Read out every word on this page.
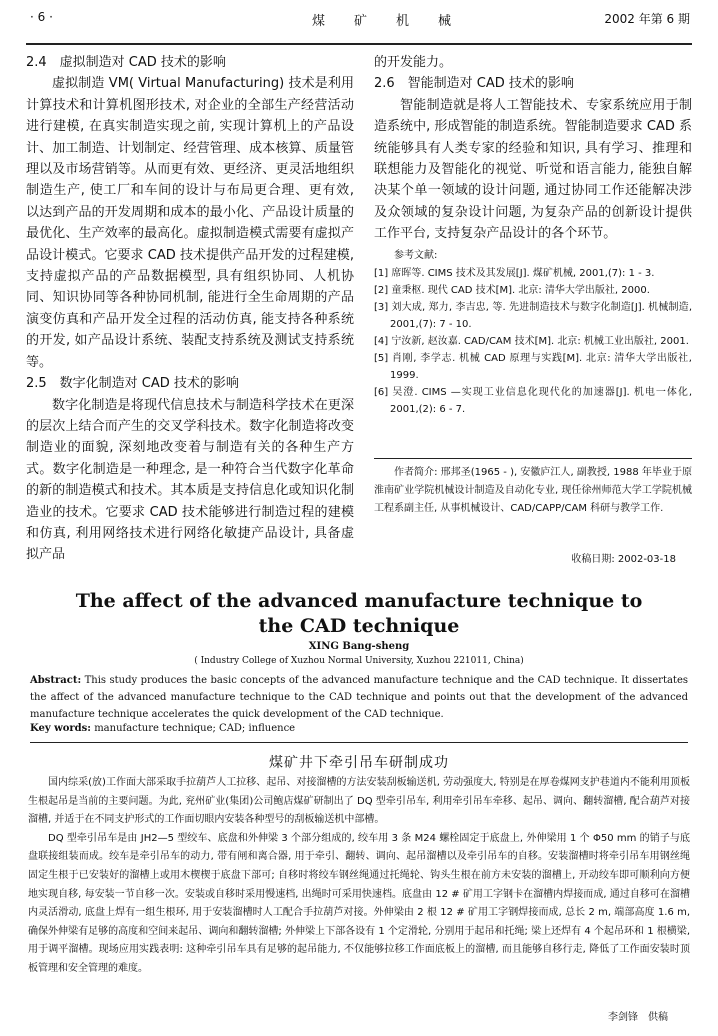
· 6 ·	煤　　矿　　机　　械	2002 年第 6 期
2.4　虚拟制造对 CAD 技术的影响

虚拟制造 VM( Virtual Manufacturing) 技术是利用计算技术和计算机图形技术, 对企业的全部生产经营活动进行建模, 在真实制造实现之前, 实现计算机上的产品设计、加工制造、计划制定、经营管理、成本核算、质量管理以及市场营销等。从而更有效、更经济、更灵活地组织制造生产, 使工厂和车间的设计与布局更合理、更有效, 以达到产品的开发周期和成本的最小化、产品设计质量的最优化、生产效率的最高化。虚拟制造模式需要有虚拟产品设计模式。它要求 CAD 技术提供产品开发的过程建模, 支持虚拟产品的产品数据模型, 具有组织协同、人机协同、知识协同等各种协同机制, 能进行全生命周期的产品演变仿真和产品开发全过程的活动仿真, 能支持各种系统的开发, 如产品设计系统、装配支持系统及测试支持系统等。

2.5　数字化制造对 CAD 技术的影响

数字化制造是将现代信息技术与制造科学技术在更深的层次上结合而产生的交叉学科技术。数字化制造将改变制造业的面貌, 深刻地改变着与制造有关的各种生产方式。数字化制造是一种理念, 是一种符合当代数字化革命的新的制造模式和技术。其本质是支持信息化或知识化制造业的技术。它要求 CAD 技术能够进行制造过程的建模和仿真, 利用网络技术进行网络化敏捷产品设计, 具备虚拟产品

的开发能力。

2.6　智能制造对 CAD 技术的影响

智能制造就是将人工智能技术、专家系统应用于制造系统中, 形成智能的制造系统。智能制造要求 CAD 系统能够具有人类专家的经验和知识, 具有学习、推理和联想能力及智能化的视觉、听觉和语言能力, 能独自解决某个单一领域的设计问题, 通过协同工作还能解决涉及众领域的复杂设计问题, 为复杂产品的创新设计提供工作平台, 支持复杂产品设计的各个环节。

参考文献:

[1] 席晖等. CIMS 技术及其发展[J]. 煤矿机械, 2001,(7): 1 - 3.

[2] 童秉枢. 现代 CAD 技术[M]. 北京: 清华大学出版社, 2000.

[3] 刘大成, 郑力, 李吉忠, 等. 先进制造技术与数字化制造[J]. 机械制造, 2001,(7): 7 - 10.

[4] 宁汝新, 赵汝嘉. CAD/CAM 技术[M]. 北京: 机械工业出版社, 2001.

[5] 肖刚, 李学志. 机械 CAD 原理与实践[M]. 北京: 清华大学出版社, 1999.

[6] 吴澄. CIMS —实现工业信息化现代化的加速器[J]. 机电一体化, 2001,(2): 6 - 7.

作者简介: 邢邦圣(1965 - ), 安徽庐江人, 副教授, 1988 年毕业于原淮南矿业学院机械设计制造及自动化专业, 现任徐州师范大学工学院机械工程系副主任, 从事机械设计、CAD/CAPP/CAM 科研与教学工作.

收稿日期: 2002-03-18
The affect of the advanced manufacture technique to
the CAD technique
XING Bang-sheng
( Industry College of Xuzhou Normal University, Xuzhou 221011, China)
Abstract: This study produces the basic concepts of the advanced manufacture technique and the CAD technique. It dissertates the affect of the advanced manufacture technique to the CAD technique and points out that the development of the advanced manufacture technique accelerates the quick development of the CAD technique.
Key words: manufacture technique; CAD; influence
煤矿井下牵引吊车研制成功

国内综采(放)工作面大部采取手拉葫芦人工拉移、起吊、对接溜槽的方法安装刮板输送机, 劳动强度大, 特别是在厚卷煤网支护巷道内不能利用顶板生根起吊是当前的主要问题。为此, 兖州矿业(集团)公司鲍店煤矿研制出了 DQ 型牵引吊车, 利用牵引吊车牵移、起吊、调向、翻转溜槽, 配合葫芦对接溜槽, 并适于在不同支护形式的工作面切眼内安装各种型号的刮板输送机中部槽。

DQ 型牵引吊车是由 JH2—5 型绞车、底盘和外伸梁 3 个部分组成的, 绞车用 3 条 M24 螺栓固定于底盘上, 外伸梁用 1 个 Φ50 mm 的销子与底盘联接组装而成。绞车是牵引吊车的动力, 带有闸和离合器, 用于牵引、翻转、调向、起吊溜槽以及牵引吊车的自移。安装溜槽时将牵引吊车用钢丝绳固定生根于已安装好的溜槽上或用木楔楔于底盘下部可; 自移时将绞车钢丝绳通过托绳轮、钩头生根在前方未安装的溜槽上, 开动绞车即可顺利向方便地实现自移, 每安装一节自移一次。安装或自移时采用慢速档, 出绳时可采用快速档。底盘由 12 # 矿用工字钢卡在溜槽内焊接而成, 通过自移可在溜槽内灵活滑动, 底盘上焊有一组生根环, 用于安装溜槽时人工配合手拉葫芦对接。外伸梁由 2 根 12 # 矿用工字钢焊接而成, 总长 2 m, 端部高度 1.6 m, 确保外伸梁有足够的高度和空间来起吊、调向和翻转溜槽; 外伸梁上下部各设有 1 个定滑轮, 分别用于起吊和托绳; 梁上还焊有 4 个起吊环和 1 根横梁, 用于调平溜槽。现场应用实践表明: 这种牵引吊车具有足够的起吊能力, 不仅能够拉移工作面底板上的溜槽, 而且能够自移行走, 降低了工作面安装时顶板管理和安全管理的难度。

李剑锋　供稿
